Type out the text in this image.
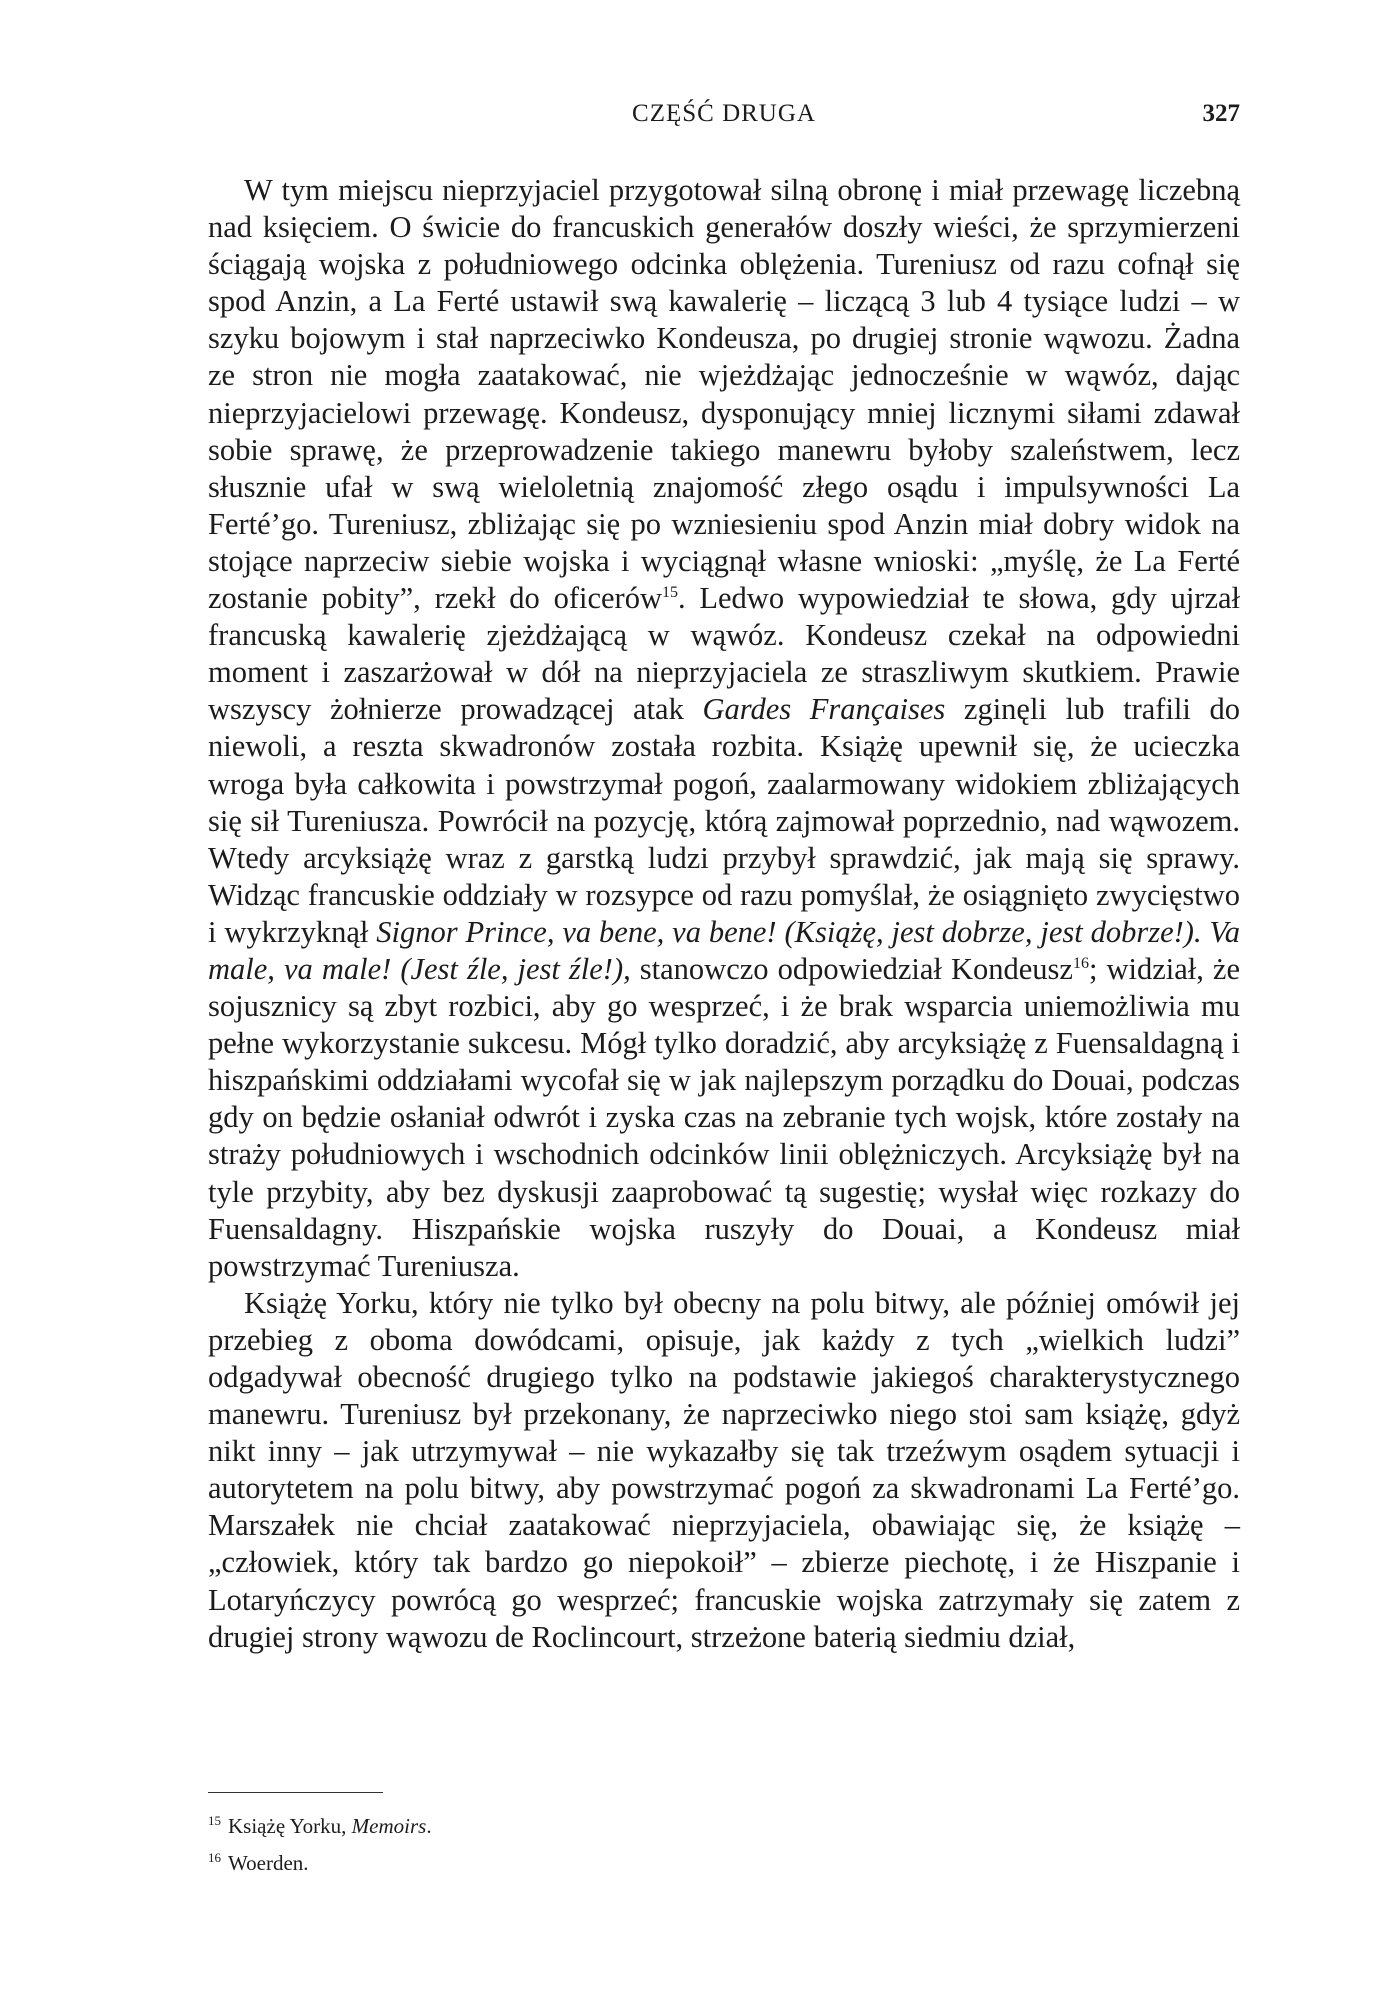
CZĘŚĆ DRUGA	327

W tym miejscu nieprzyjaciel przygotował silną obronę i miał przewagę liczebną nad księciem. O świcie do francuskich generałów doszły wieści, że sprzymierzeni ściągają wojska z południowego odcinka oblężenia. Tureniusz od razu cofnął się spod Anzin, a La Ferté ustawił swą kawalerię – liczącą 3 lub 4 tysiące ludzi – w szyku bojowym i stał naprzeciwko Kondeusza, po drugiej stronie wąwozu. Żadna ze stron nie mogła zaatakować, nie wjeżdżając jednocześnie w wąwóz, dając nieprzyjacielowi przewagę. Kondeusz, dysponujący mniej licznymi siłami zdawał sobie sprawę, że przeprowadzenie takiego manewru byłoby szaleństwem, lecz słusznie ufał w swą wieloletnią znajomość złego osądu i impulsywności La Ferté’go. Tureniusz, zbliżając się po wzniesieniu spod Anzin miał dobry widok na stojące naprzeciw siebie wojska i wyciągnął własne wnioski: „myślę, że La Ferté zostanie pobity”, rzekł do oficerów$^{15}$. Ledwo wypowiedział te słowa, gdy ujrzał francuską kawalerię zjeżdżającą w wąwóz. Kondeusz czekał na odpowiedni moment i zaszarżował w dół na nieprzyjaciela ze straszliwym skutkiem. Prawie wszyscy żołnierze prowadzącej atak Gardes Françaises zginęli lub trafili do niewoli, a reszta skwadronów została rozbita. Książę upewnił się, że ucieczka wroga była całkowita i powstrzymał pogoń, zaalarmowany widokiem zbliżających się sił Tureniusza. Powrócił na pozycję, którą zajmował poprzednio, nad wąwozem. Wtedy arcyksiążę wraz z garstką ludzi przybył sprawdzić, jak mają się sprawy. Widząc francuskie oddziały w rozsypce od razu pomyślał, że osiągnięto zwycięstwo i wykrzyknął Signor Prince, va bene, va bene! (Książę, jest dobrze, jest dobrze!). Va male, va male! (Jest źle, jest źle!), stanowczo odpowiedział Kondeusz$^{16}$; widział, że sojusznicy są zbyt rozbici, aby go wesprzeć, i że brak wsparcia uniemożliwia mu pełne wykorzystanie sukcesu. Mógł tylko doradzić, aby arcyksiążę z Fuensaldagną i hiszpańskimi oddziałami wycofał się w jak najlepszym porządku do Douai, podczas gdy on będzie osłaniał odwrót i zyska czas na zebranie tych wojsk, które zostały na straży południowych i wschodnich odcinków linii oblężniczych. Arcyksiążę był na tyle przybity, aby bez dyskusji zaaprobować tą sugestię; wysłał więc rozkazy do Fuensaldagny. Hiszpańskie wojska ruszyły do Douai, a Kondeusz miał powstrzymać Tureniusza.

Książę Yorku, który nie tylko był obecny na polu bitwy, ale później omówił jej przebieg z oboma dowódcami, opisuje, jak każdy z tych „wielkich ludzi” odgadywał obecność drugiego tylko na podstawie jakiegoś charakterystycznego manewru. Tureniusz był przekonany, że naprzeciwko niego stoi sam książę, gdyż nikt inny – jak utrzymywał – nie wykazałby się tak trzeźwym osądem sytuacji i autorytetem na polu bitwy, aby powstrzymać pogoń za skwadronami La Ferté’go. Marszałek nie chciał zaatakować nieprzyjaciela, obawiając się, że książę – „człowiek, który tak bardzo go niepokoił” – zbierze piechotę, i że Hiszpanie i Lotaryńczycy powrócą go wesprzeć; francuskie wojska zatrzymały się zatem z drugiej strony wąwozu de Roclincourt, strzeżone baterią siedmiu dział,

$^{15}$ Książę Yorku, Memoirs.
$^{16}$ Woerden.
